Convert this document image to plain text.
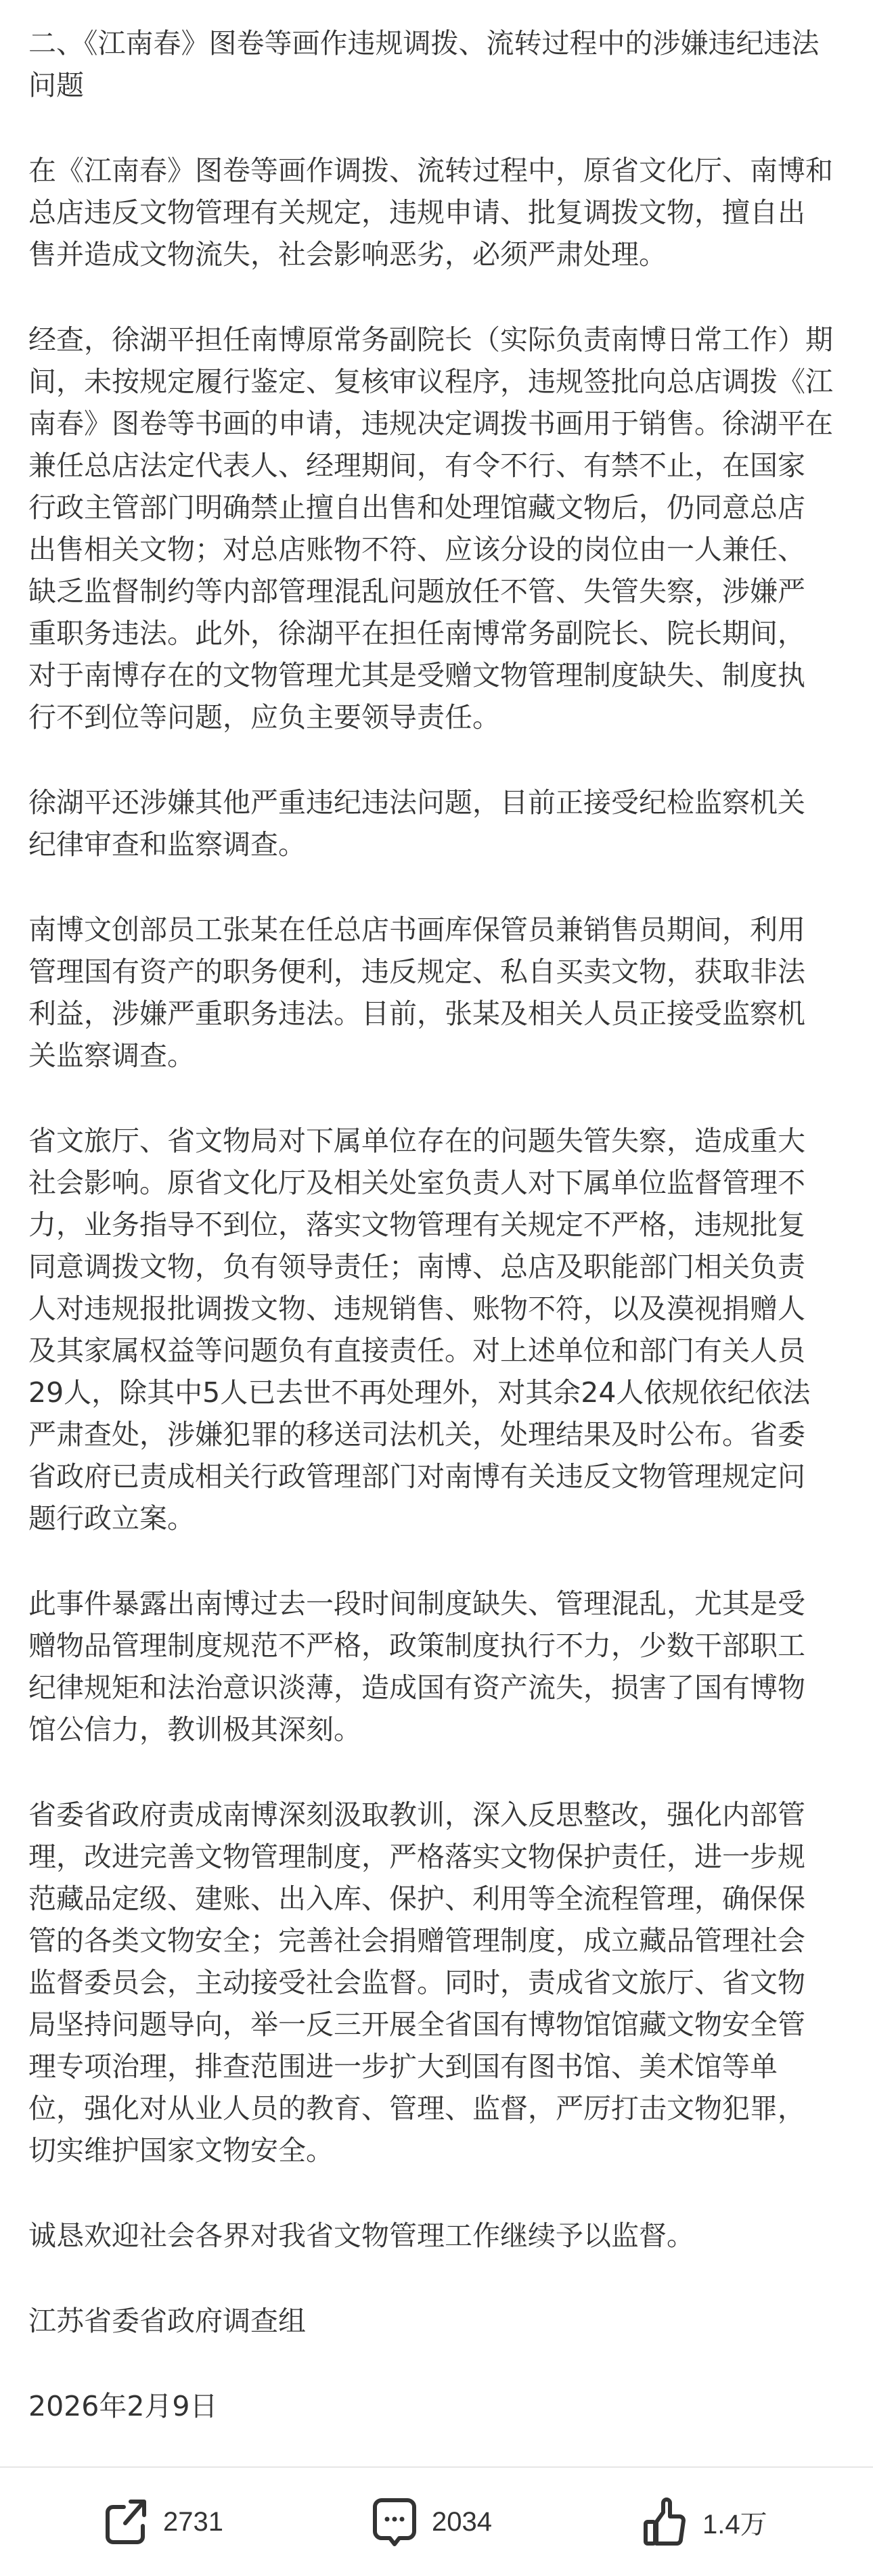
二、《江南春》图卷等画作违规调拨、流转过程中的涉嫌违纪违法
问题

在《江南春》图卷等画作调拨、流转过程中，原省文化厅、南博和
总店违反文物管理有关规定，违规申请、批复调拨文物，擅自出
售并造成文物流失，社会影响恶劣，必须严肃处理。

经查，徐湖平担任南博原常务副院长（实际负责南博日常工作）期
间，未按规定履行鉴定、复核审议程序，违规签批向总店调拨《江
南春》图卷等书画的申请，违规决定调拨书画用于销售。徐湖平在
兼任总店法定代表人、经理期间，有令不行、有禁不止，在国家
行政主管部门明确禁止擅自出售和处理馆藏文物后，仍同意总店
出售相关文物；对总店账物不符、应该分设的岗位由一人兼任、
缺乏监督制约等内部管理混乱问题放任不管、失管失察，涉嫌严
重职务违法。此外，徐湖平在担任南博常务副院长、院长期间，
对于南博存在的文物管理尤其是受赠文物管理制度缺失、制度执
行不到位等问题，应负主要领导责任。

徐湖平还涉嫌其他严重违纪违法问题，目前正接受纪检监察机关
纪律审查和监察调查。

南博文创部员工张某在任总店书画库保管员兼销售员期间，利用
管理国有资产的职务便利，违反规定、私自买卖文物，获取非法
利益，涉嫌严重职务违法。目前，张某及相关人员正接受监察机
关监察调查。

省文旅厅、省文物局对下属单位存在的问题失管失察，造成重大
社会影响。原省文化厅及相关处室负责人对下属单位监督管理不
力，业务指导不到位，落实文物管理有关规定不严格，违规批复
同意调拨文物，负有领导责任；南博、总店及职能部门相关负责
人对违规报批调拨文物、违规销售、账物不符，以及漠视捐赠人
及其家属权益等问题负有直接责任。对上述单位和部门有关人员
29人，除其中5人已去世不再处理外，对其余24人依规依纪依法
严肃查处，涉嫌犯罪的移送司法机关，处理结果及时公布。省委
省政府已责成相关行政管理部门对南博有关违反文物管理规定问
题行政立案。

此事件暴露出南博过去一段时间制度缺失、管理混乱，尤其是受
赠物品管理制度规范不严格，政策制度执行不力，少数干部职工
纪律规矩和法治意识淡薄，造成国有资产流失，损害了国有博物
馆公信力，教训极其深刻。

省委省政府责成南博深刻汲取教训，深入反思整改，强化内部管
理，改进完善文物管理制度，严格落实文物保护责任，进一步规
范藏品定级、建账、出入库、保护、利用等全流程管理，确保保
管的各类文物安全；完善社会捐赠管理制度，成立藏品管理社会
监督委员会，主动接受社会监督。同时，责成省文旅厅、省文物
局坚持问题导向，举一反三开展全省国有博物馆馆藏文物安全管
理专项治理，排查范围进一步扩大到国有图书馆、美术馆等单
位，强化对从业人员的教育、管理、监督，严厉打击文物犯罪，
切实维护国家文物安全。

诚恳欢迎社会各界对我省文物管理工作继续予以监督。

江苏省委省政府调查组

2026年2月9日

2731	2034	1.4万
